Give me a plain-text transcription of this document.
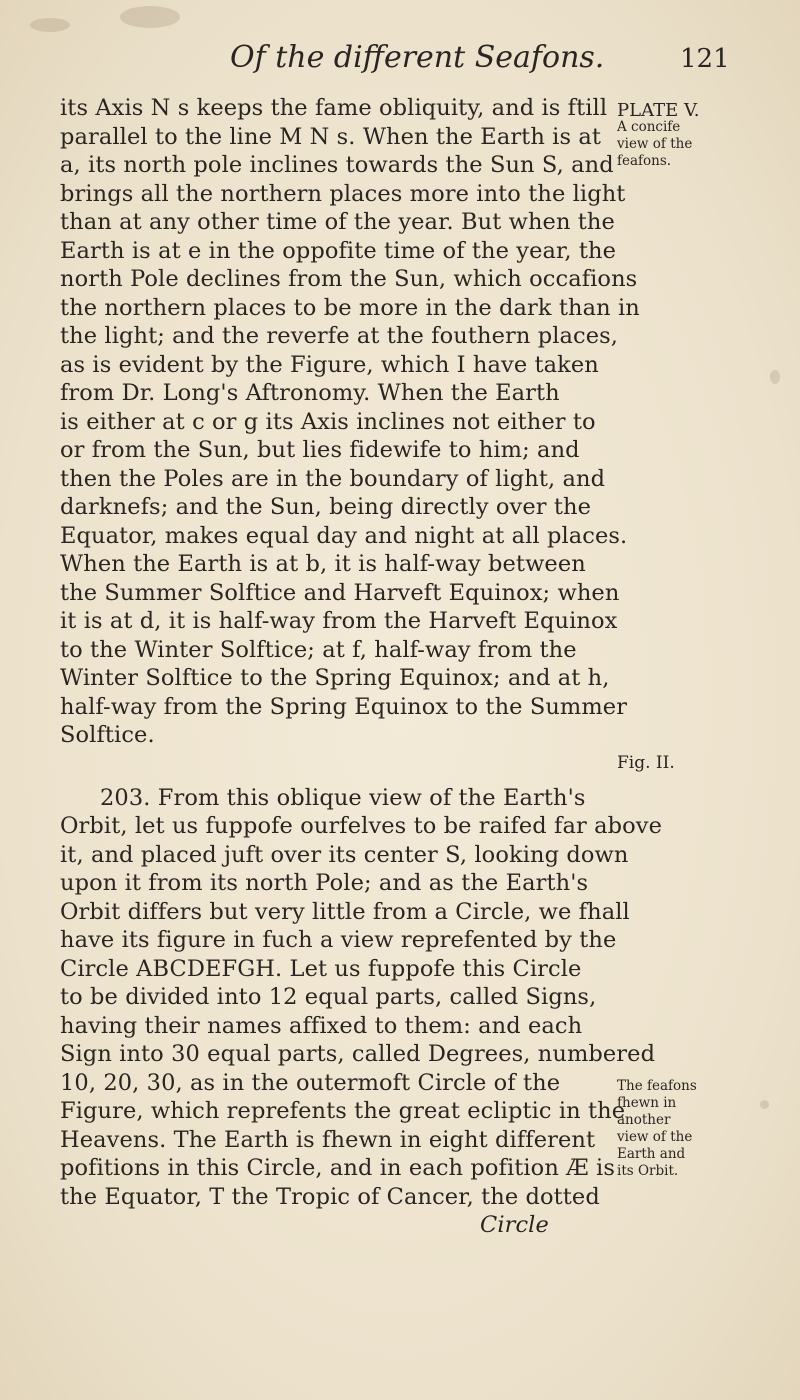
Of the different Seafons.	121
its Axis N s keeps the fame obliquity, and is ftill
parallel to the line M N s. When the Earth is at
a, its north pole inclines towards the Sun S, and
brings all the northern places more into the light
than at any other time of the year. But when the
Earth is at e in the oppofite time of the year, the
north Pole declines from the Sun, which occafions
the northern places to be more in the dark than in
the light; and the reverfe at the fouthern places,
as is evident by the Figure, which I have taken
from Dr. Long's Aftronomy. When the Earth
is either at c or g its Axis inclines not either to
or from the Sun, but lies fidewife to him; and
then the Poles are in the boundary of light, and
darknefs; and the Sun, being directly over the
Equator, makes equal day and night at all places.
When the Earth is at b, it is half-way between
the Summer Solftice and Harveft Equinox; when
it is at d, it is half-way from the Harveft Equinox
to the Winter Solftice; at f, half-way from the
Winter Solftice to the Spring Equinox; and at h,
half-way from the Spring Equinox to the Summer
Solftice.
203. From this oblique view of the Earth's
Orbit, let us fuppofe ourfelves to be raifed far above
it, and placed juft over its center S, looking down
upon it from its north Pole; and as the Earth's
Orbit differs but very little from a Circle, we fhall
have its figure in fuch a view reprefented by the
Circle ABCDEFGH. Let us fuppofe this Circle
to be divided into 12 equal parts, called Signs,
having their names affixed to them: and each
Sign into 30 equal parts, called Degrees, numbered
10, 20, 30, as in the outermoft Circle of the
Figure, which reprefents the great ecliptic in the
Heavens. The Earth is fhewn in eight different
pofitions in this Circle, and in each pofition Æ is
the Equator, T the Tropic of Cancer, the dotted
Circle
PLATE V.
A concife
view of the
feafons.
Fig. II.
The feafons
fhewn in
another
view of the
Earth and
its Orbit.
